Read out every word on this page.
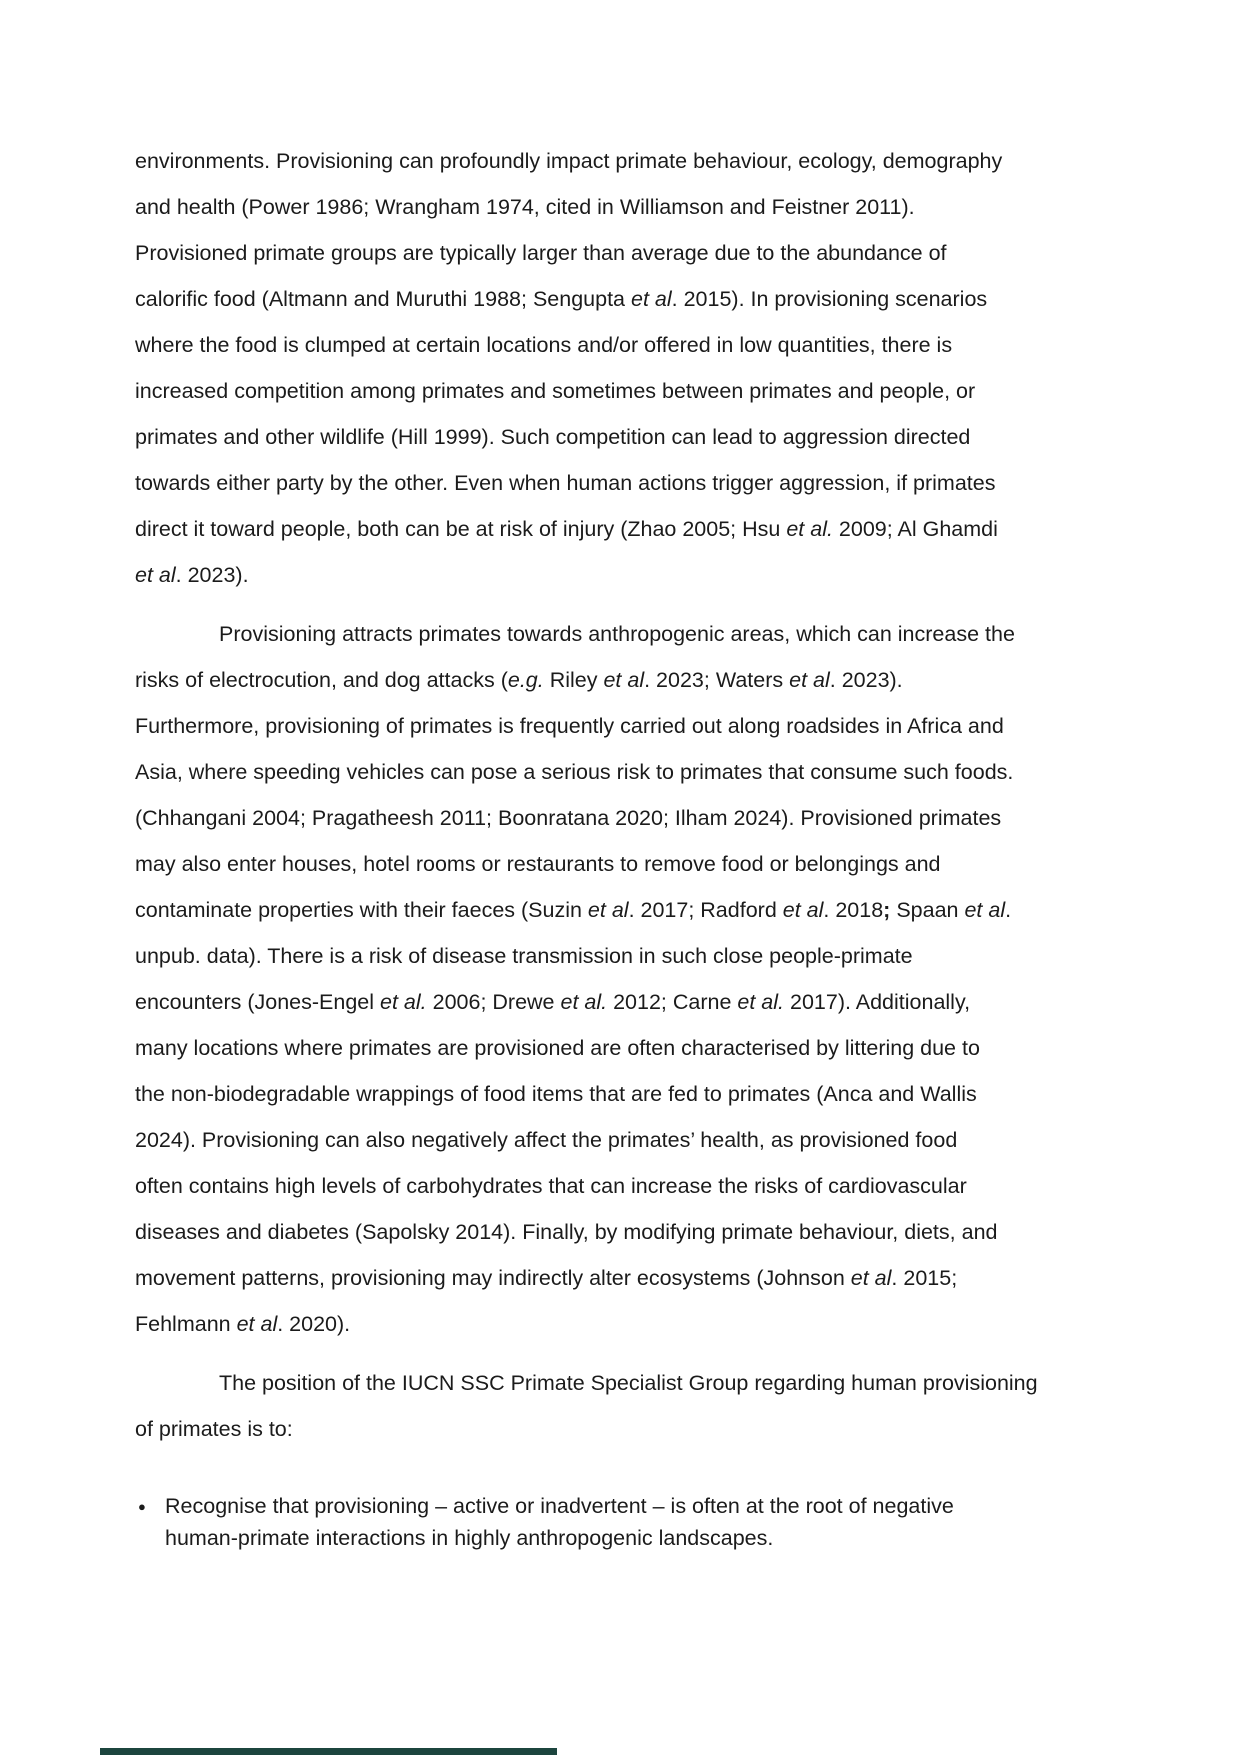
environments. Provisioning can profoundly impact primate behaviour, ecology, demography
and health (Power 1986; Wrangham 1974, cited in Williamson and Feistner 2011).
Provisioned primate groups are typically larger than average due to the abundance of
calorific food (Altmann and Muruthi 1988; Sengupta et al. 2015). In provisioning scenarios
where the food is clumped at certain locations and/or offered in low quantities, there is
increased competition among primates and sometimes between primates and people, or
primates and other wildlife (Hill 1999). Such competition can lead to aggression directed
towards either party by the other. Even when human actions trigger aggression, if primates
direct it toward people, both can be at risk of injury (Zhao 2005; Hsu et al. 2009; Al Ghamdi
et al. 2023).
Provisioning attracts primates towards anthropogenic areas, which can increase the
risks of electrocution, and dog attacks (e.g. Riley et al. 2023; Waters et al. 2023).
Furthermore, provisioning of primates is frequently carried out along roadsides in Africa and
Asia, where speeding vehicles can pose a serious risk to primates that consume such foods.
(Chhangani 2004; Pragatheesh 2011; Boonratana 2020; Ilham 2024). Provisioned primates
may also enter houses, hotel rooms or restaurants to remove food or belongings and
contaminate properties with their faeces (Suzin et al. 2017; Radford et al. 2018; Spaan et al.
unpub. data). There is a risk of disease transmission in such close people-primate
encounters (Jones-Engel et al. 2006; Drewe et al. 2012; Carne et al. 2017). Additionally,
many locations where primates are provisioned are often characterised by littering due to
the non-biodegradable wrappings of food items that are fed to primates (Anca and Wallis
2024). Provisioning can also negatively affect the primates’ health, as provisioned food
often contains high levels of carbohydrates that can increase the risks of cardiovascular
diseases and diabetes (Sapolsky 2014). Finally, by modifying primate behaviour, diets, and
movement patterns, provisioning may indirectly alter ecosystems (Johnson et al. 2015;
Fehlmann et al. 2020).
The position of the IUCN SSC Primate Specialist Group regarding human provisioning
of primates is to:
● Recognise that provisioning – active or inadvertent – is often at the root of negative
human-primate interactions in highly anthropogenic landscapes.
